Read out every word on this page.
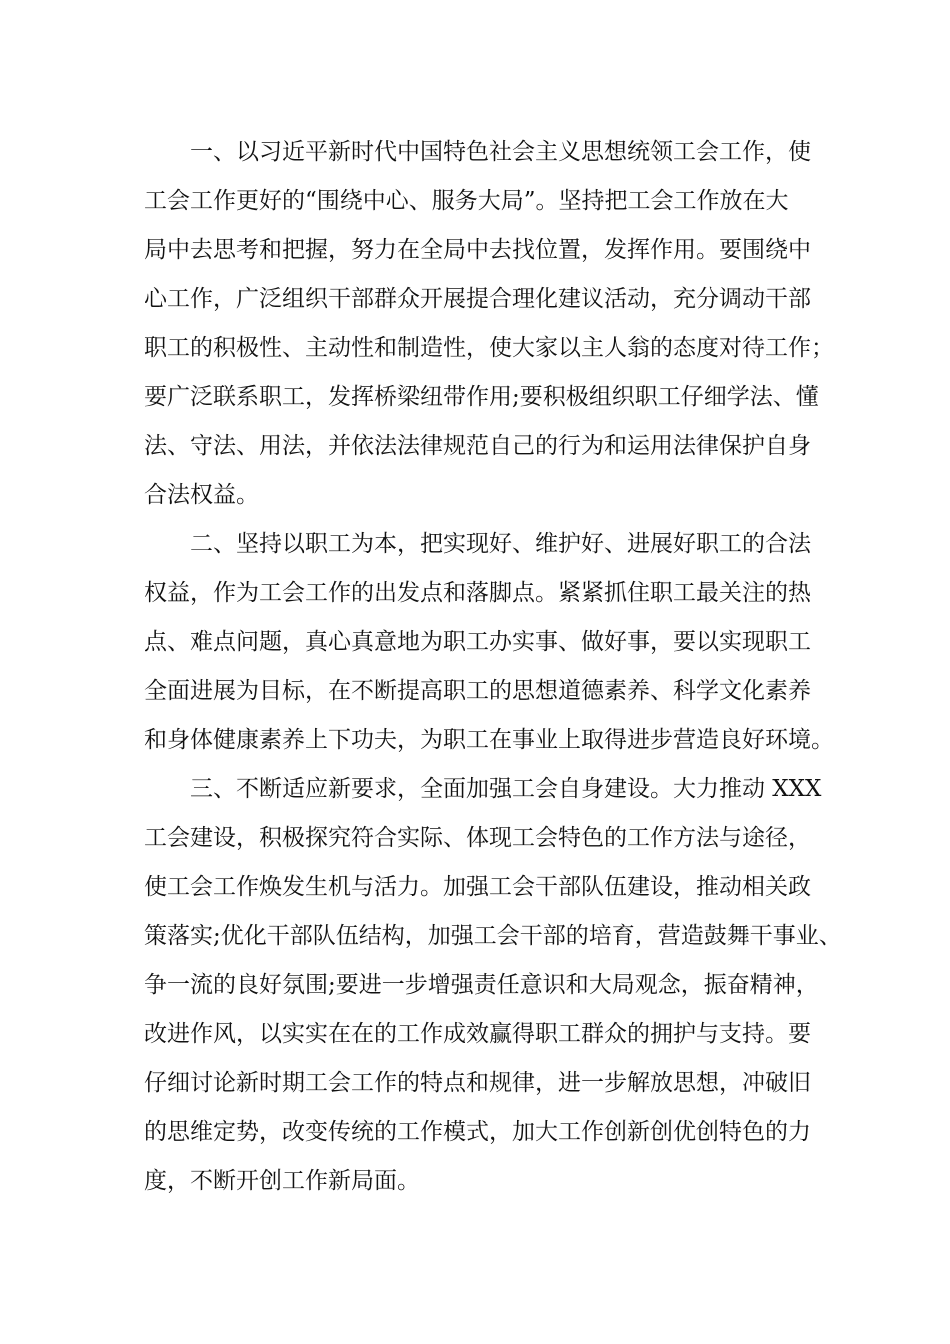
一、以习近平新时代中国特色社会主义思想统领工会工作，使
工会工作更好的“围绕中心、服务大局”。坚持把工会工作放在大
局中去思考和把握，努力在全局中去找位置，发挥作用。要围绕中
心工作，广泛组织干部群众开展提合理化建议活动，充分调动干部
职工的积极性、主动性和制造性，使大家以主人翁的态度对待工作；
要广泛联系职工，发挥桥梁纽带作用;要积极组织职工仔细学法、懂
法、守法、用法，并依法法律规范自己的行为和运用法律保护自身
合法权益。
二、坚持以职工为本，把实现好、维护好、进展好职工的合法
权益，作为工会工作的出发点和落脚点。紧紧抓住职工最关注的热
点、难点问题，真心真意地为职工办实事、做好事，要以实现职工
全面进展为目标，在不断提高职工的思想道德素养、科学文化素养
和身体健康素养上下功夫，为职工在事业上取得进步营造良好环境。
三、不断适应新要求，全面加强工会自身建设。大力推动 XXX
工会建设，积极探究符合实际、体现工会特色的工作方法与途径，
使工会工作焕发生机与活力。加强工会干部队伍建设，推动相关政
策落实;优化干部队伍结构，加强工会干部的培育，营造鼓舞干事业、
争一流的良好氛围;要进一步增强责任意识和大局观念，振奋精神，
改进作风，以实实在在的工作成效赢得职工群众的拥护与支持。要
仔细讨论新时期工会工作的特点和规律，进一步解放思想，冲破旧
的思维定势，改变传统的工作模式，加大工作创新创优创特色的力
度，不断开创工作新局面。
